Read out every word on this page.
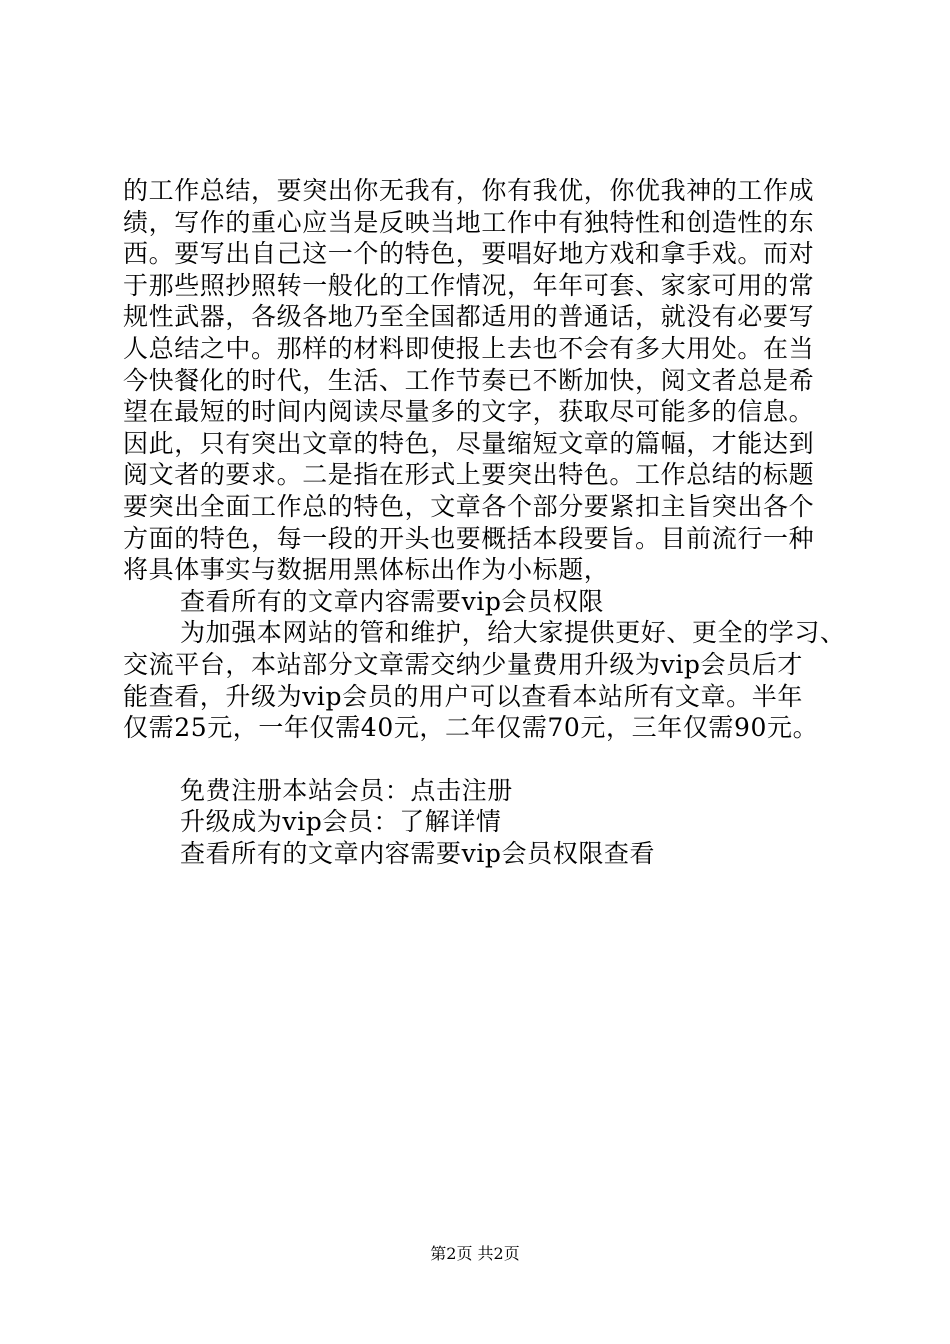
的工作总结，要突出你无我有，你有我优，你优我神的工作成
绩，写作的重心应当是反映当地工作中有独特性和创造性的东
西。要写出自己这一个的特色，要唱好地方戏和拿手戏。而对
于那些照抄照转一般化的工作情况，年年可套、家家可用的常
规性武器，各级各地乃至全国都适用的普通话，就没有必要写
人总结之中。那样的材料即使报上去也不会有多大用处。在当
今快餐化的时代，生活、工作节奏已不断加快，阅文者总是希
望在最短的时间内阅读尽量多的文字，获取尽可能多的信息。
因此，只有突出文章的特色，尽量缩短文章的篇幅，才能达到
阅文者的要求。二是指在形式上要突出特色。工作总结的标题
要突出全面工作总的特色，文章各个部分要紧扣主旨突出各个
方面的特色，每一段的开头也要概括本段要旨。目前流行一种
将具体事实与数据用黑体标出作为小标题，
查看所有的文章内容需要vip会员权限
为加强本网站的管和维护，给大家提供更好、更全的学习、
交流平台，本站部分文章需交纳少量费用升级为vip会员后才
能查看，升级为vip会员的用户可以查看本站所有文章。半年
仅需25元，一年仅需40元，二年仅需70元，三年仅需90元。
免费注册本站会员：点击注册
升级成为vip会员：了解详情
查看所有的文章内容需要vip会员权限查看
第2页 共2页
